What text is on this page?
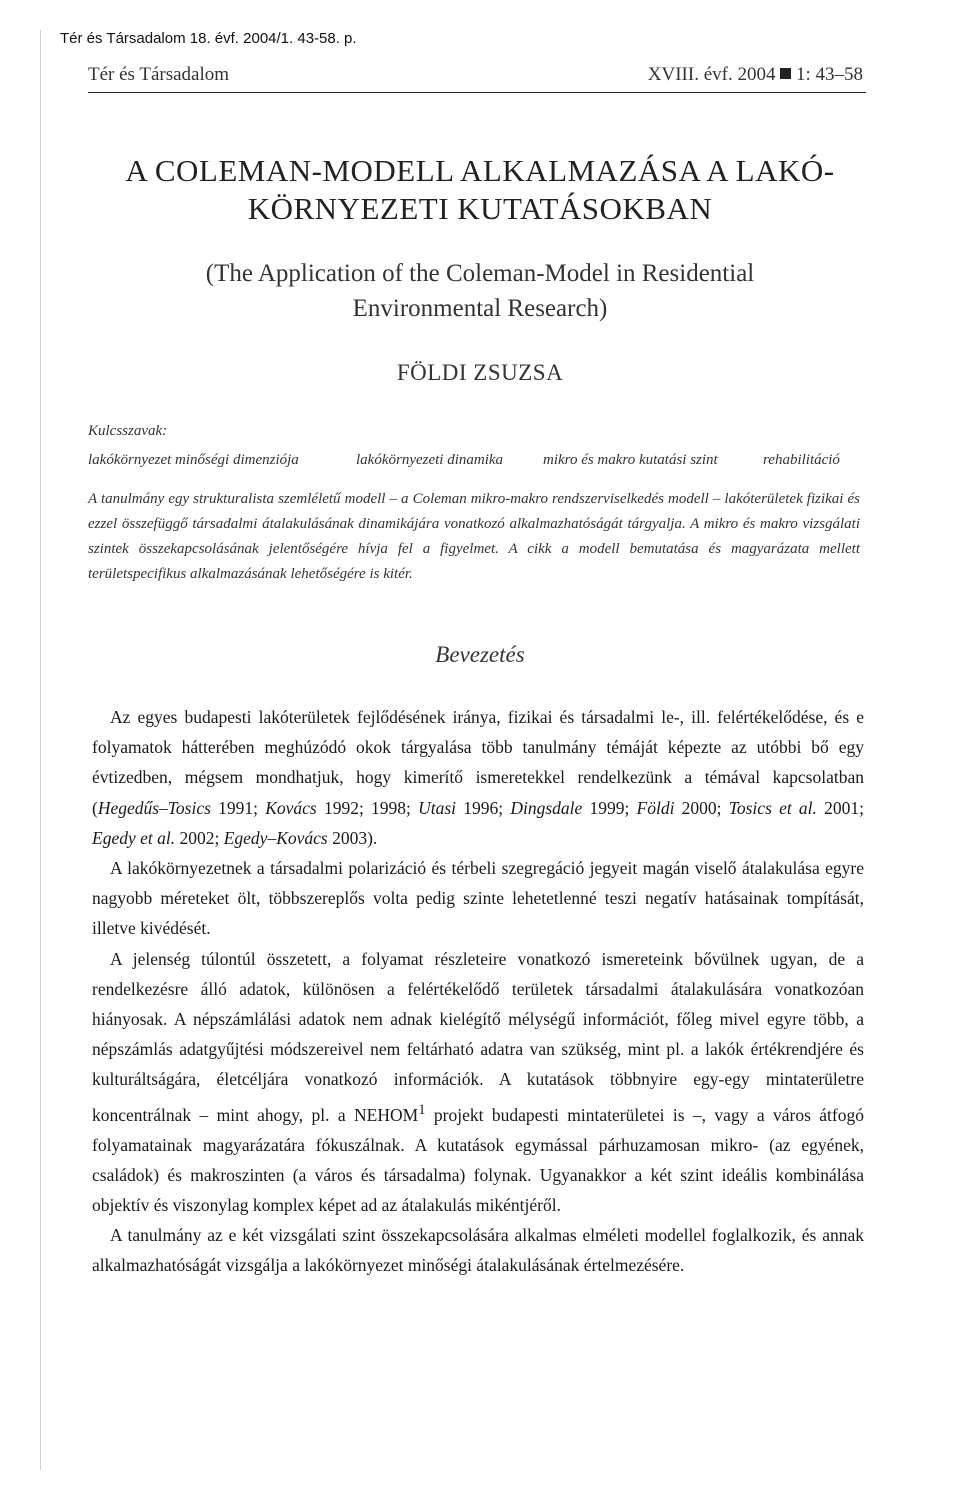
Tér és Társadalom 18. évf. 2004/1. 43-58. p.
Tér és Társadalom	XVIII. évf. 2004 1: 43–58
A COLEMAN-MODELL ALKALMAZÁSA A LAKÓ-
KÖRNYEZETI KUTATÁSOKBAN
(The Application of the Coleman-Model in Residential
Environmental Research)
FÖLDI ZSUZSA
Kulcsszavak:
lakókörnyezet minőségi dimenziója	lakókörnyezeti dinamika	mikro és makro kutatási szint	rehabilitáció
A tanulmány egy strukturalista szemléletű modell – a Coleman mikro-makro rendszerviselkedés modell – lakóterületek fizikai és ezzel összefüggő társadalmi átalakulásának dinamikájára vonatkozó alkalmazhatóságát tárgyalja. A mikro és makro vizsgálati szintek összekapcsolásának jelentőségére hívja fel a figyelmet. A cikk a modell bemutatása és magyarázata mellett területspecifikus alkalmazásának lehetőségére is kitér.
Bevezetés

Az egyes budapesti lakóterületek fejlődésének iránya, fizikai és társadalmi le-, ill. felértékelődése, és e folyamatok hátterében meghúzódó okok tárgyalása több tanulmány témáját képezte az utóbbi bő egy évtizedben, mégsem mondhatjuk, hogy kimerítő ismeretekkel rendelkezünk a témával kapcsolatban (Hegedűs–Tosics 1991; Kovács 1992; 1998; Utasi 1996; Dingsdale 1999; Földi 2000; Tosics et al. 2001; Egedy et al. 2002; Egedy–Kovács 2003).

A lakókörnyezetnek a társadalmi polarizáció és térbeli szegregáció jegyeit magán viselő átalakulása egyre nagyobb méreteket ölt, többszereplős volta pedig szinte lehetetlenné teszi negatív hatásainak tompítását, illetve kivédését.

A jelenség túlontúl összetett, a folyamat részleteire vonatkozó ismereteink bővülnek ugyan, de a rendelkezésre álló adatok, különösen a felértékelődő területek társadalmi átalakulására vonatkozóan hiányosak. A népszámlálási adatok nem adnak kielégítő mélységű információt, főleg mivel egyre több, a népszámlás adatgyűjtési módszereivel nem feltárható adatra van szükség, mint pl. a lakók értékrendjére és kulturáltságára, életcéljára vonatkozó információk. A kutatások többnyire egy-egy mintaterületre koncentrálnak – mint ahogy, pl. a NEHOM$^1$ projekt budapesti mintaterületei is –, vagy a város átfogó folyamatainak magyarázatára fókuszálnak. A kutatások egymással párhuzamosan mikro- (az egyének, családok) és makroszinten (a város és társadalma) folynak. Ugyanakkor a két szint ideális kombinálása objektív és viszonylag komplex képet ad az átalakulás mikéntjéről.

A tanulmány az e két vizsgálati szint összekapcsolására alkalmas elméleti modellel foglalkozik, és annak alkalmazhatóságát vizsgálja a lakókörnyezet minőségi átalakulásának értelmezésére.
